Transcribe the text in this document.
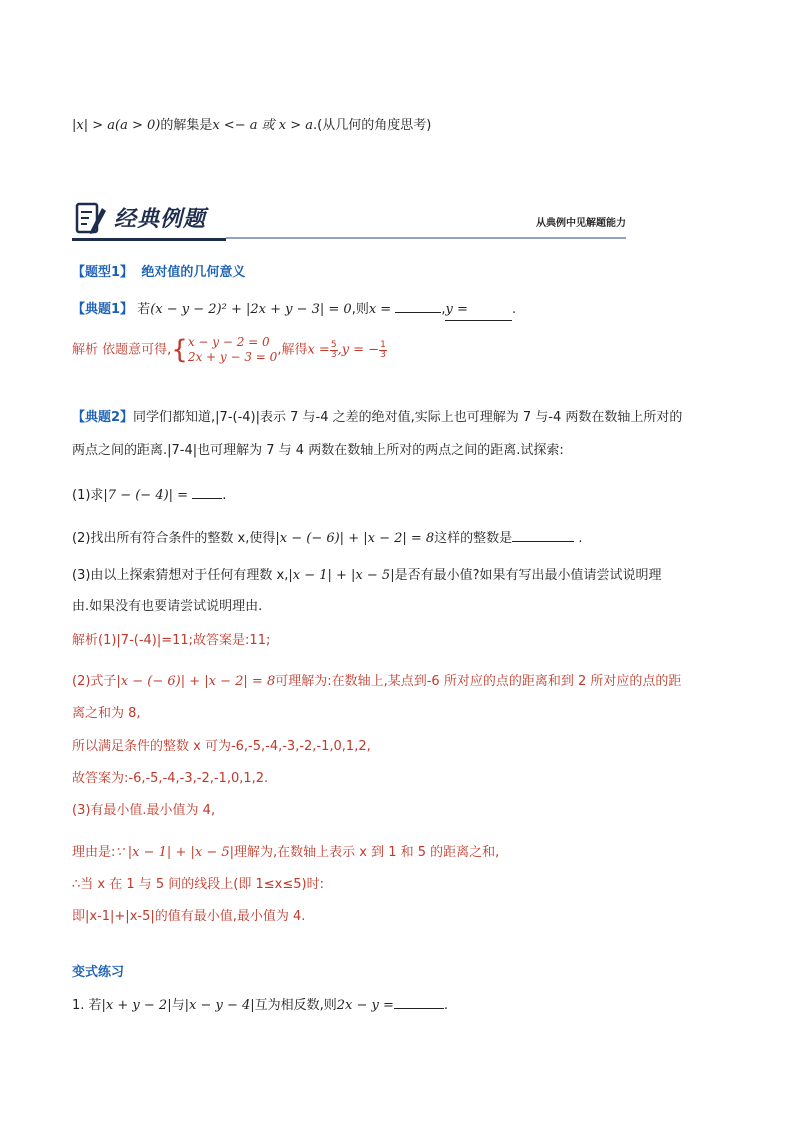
|x| > a(a > 0)的解集是x <− a 或 x > a.(从几何的角度思考)
经典例题	从典例中见解题能力
【题型1】 绝对值的几何意义
【典题1】 若(x − y − 2)² + |2x + y − 3| = 0,则x =	,y =	.
解析 依题意可得,{ x − y − 2 = 0
2x + y − 3 = 0 ,解得$x = \frac{5}{3} ,y$ = − $\frac{1}{3}$
【典题2】同学们都知道,|7-(-4)|表示 7 与-4 之差的绝对值,实际上也可理解为 7 与-4 两数在数轴上所对的
两点之间的距离.|7-4|也可理解为 7 与 4 两数在数轴上所对的两点之间的距离.试探索:
(1)求|7 − (− 4)| =	.
(2)找出所有符合条件的整数 x,使得|x − (− 6)| + |x − 2| = 8这样的整数是	.
(3)由以上探索猜想对于任何有理数 x,|x − 1| + |x − 5|是否有最小值?如果有写出最小值请尝试说明理
由.如果没有也要请尝试说明理由.
解析(1)|7-(-4)|=11;故答案是:11;
(2)式子|x − (− 6)| + |x − 2| = 8可理解为:在数轴上,某点到-6 所对应的点的距离和到 2 所对应的点的距
离之和为 8,
所以满足条件的整数 x 可为-6,-5,-4,-3,-2,-1,0,1,2,
故答案为:-6,-5,-4,-3,-2,-1,0,1,2.
(3)有最小值.最小值为 4,
理由是:∵ |x − 1| + |x − 5|理解为,在数轴上表示 x 到 1 和 5 的距离之和,
∴当 x 在 1 与 5 间的线段上(即 1≤x≤5)时:
即|x-1|+|x-5|的值有最小值,最小值为 4.
变式练习
1. 若|x + y − 2|与|x − y − 4|互为相反数,则2x − y =	.
